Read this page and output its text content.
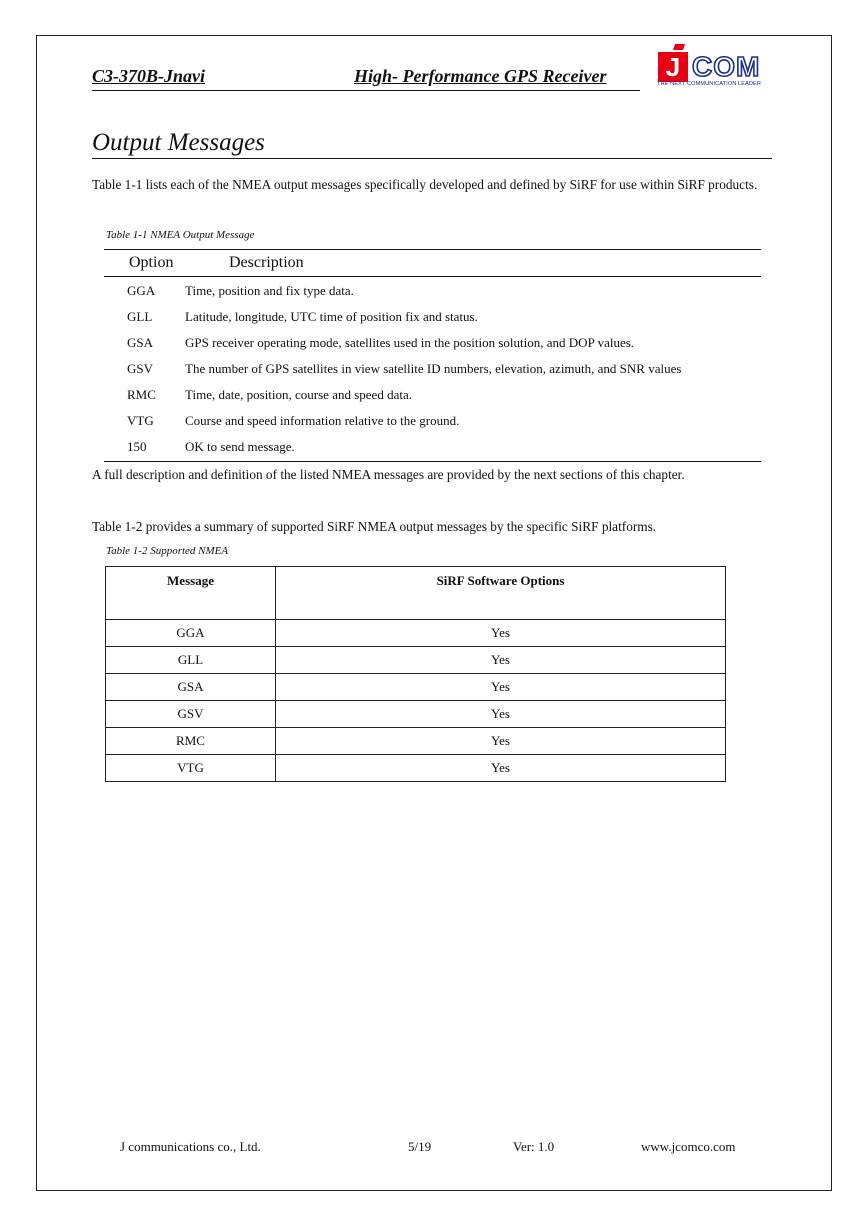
C3-370B-Jnavi	High- Performance GPS Receiver J COM
THE NEXT COMMUNICATION LEADER
Output Messages
Table 1-1 lists each of the NMEA output messages specifically developed and defined by SiRF for use within SiRF products.
Table 1-1 NMEA Output Message
Option	Description
GGA Time, position and fix type data.
GLL	Latitude, longitude, UTC time of position fix and status.
GSA GPS receiver operating mode, satellites used in the position solution, and DOP values.
GSV The number of GPS satellites in view satellite ID numbers, elevation, azimuth, and SNR values
RMC Time, date, position, course and speed data.
VTG Course and speed information relative to the ground.
150	OK to send message.
A full description and definition of the listed NMEA messages are provided by the next sections of this chapter.
Table 1-2 provides a summary of supported SiRF NMEA output messages by the specific SiRF platforms.
Table 1-2 Supported NMEA
Message	SiRF Software Options
GGA	Yes
GLL	Yes
GSA	Yes
GSV	Yes
RMC	Yes
VTG	Yes
J communications co., Ltd.	5/19	Ver: 1.0	www.jcomco.com
